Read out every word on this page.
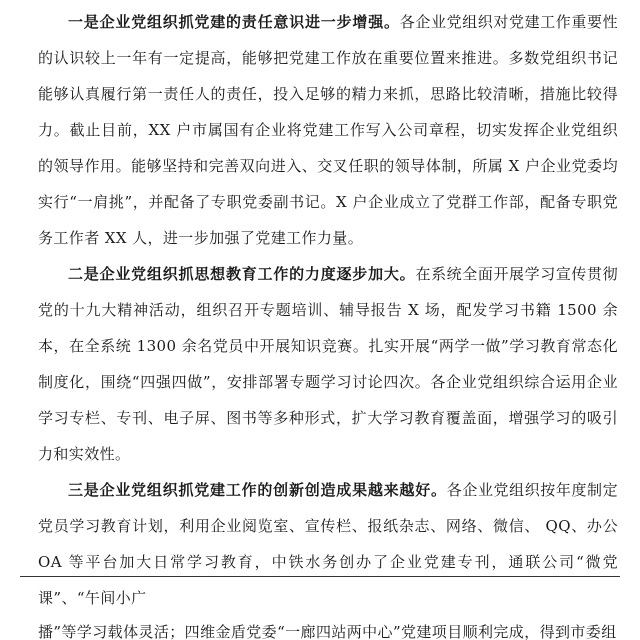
一是企业党组织抓党建的责任意识进一步增强。各企业党组织对党建工作重要性的认识较上一年有一定提高，能够把党建工作放在重要位置来推进。多数党组织书记能够认真履行第一责任人的责任，投入足够的精力来抓，思路比较清晰，措施比较得力。截止目前，XX 户市属国有企业将党建工作写入公司章程，切实发挥企业党组织的领导作用。能够坚持和完善双向进入、交叉任职的领导体制，所属 X 户企业党委均实行“一肩挑”，并配备了专职党委副书记。X 户企业成立了党群工作部，配备专职党务工作者 XX 人，进一步加强了党建工作力量。

二是企业党组织抓思想教育工作的力度逐步加大。在系统全面开展学习宣传贯彻党的十九大精神活动，组织召开专题培训、辅导报告 X 场，配发学习书籍 1500 余本，在全系统 1300 余名党员中开展知识竞赛。扎实开展“两学一做”学习教育常态化制度化，围绕“四强四做”，安排部署专题学习讨论四次。各企业党组织综合运用企业学习专栏、专刊、电子屏、图书等多种形式，扩大学习教育覆盖面，增强学习的吸引力和实效性。

三是企业党组织抓党建工作的创新创造成果越来越好。各企业党组织按年度制定党员学习教育计划，利用企业阅览室、宣传栏、报纸杂志、网络、微信、 QQ、办公 OA 等平台加大日常学习教育，中铁水务创办了企业党建专刊，通联公司“微党课”、“午间小广

播”等学习载体灵活；四维金盾党委“一廊四站两中心”党建项目顺利完成，得到市委组
